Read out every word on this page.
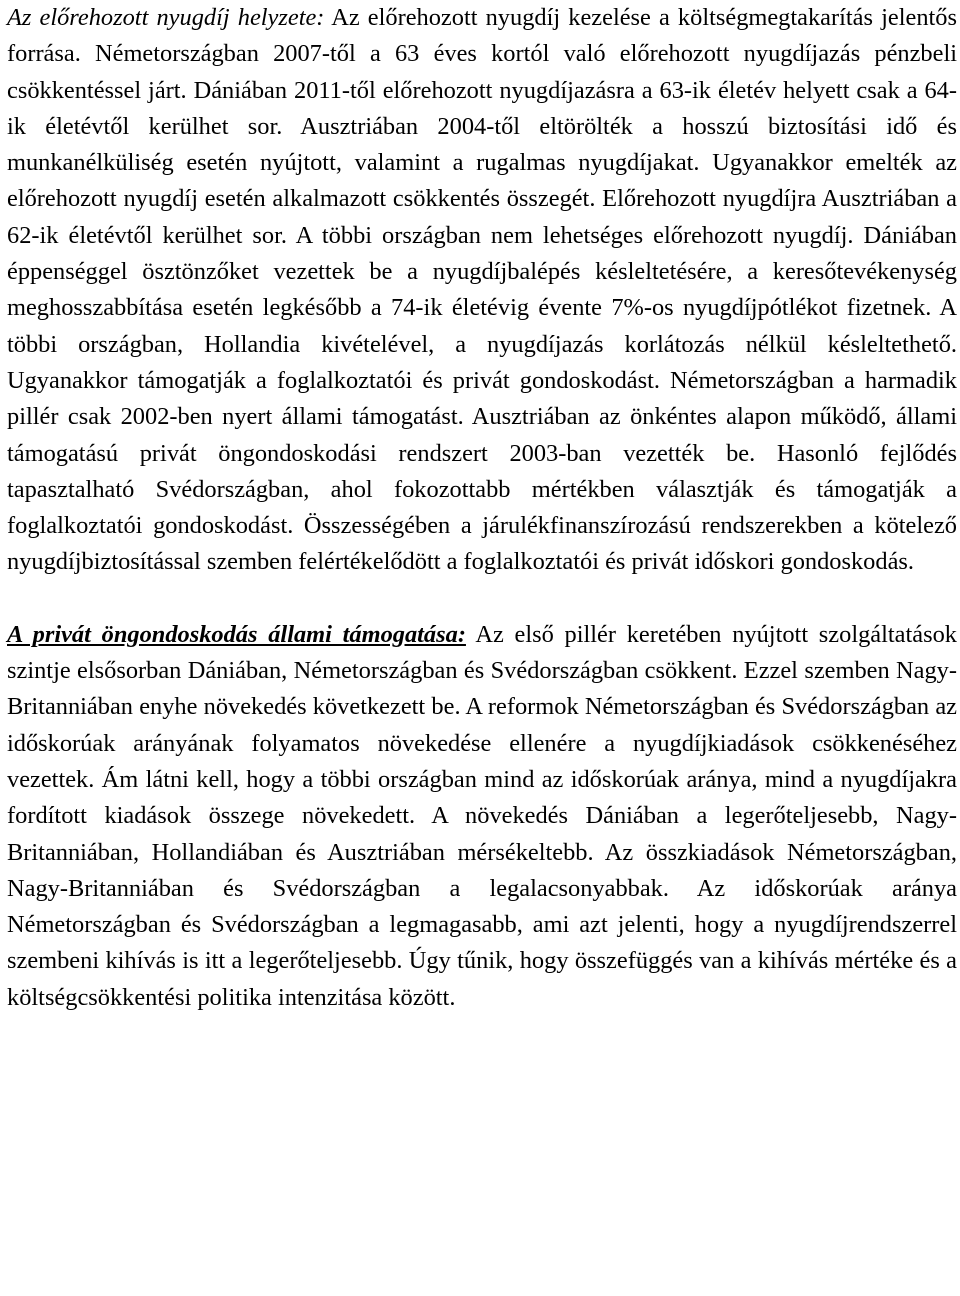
Az előrehozott nyugdíj helyzete: Az előrehozott nyugdíj kezelése a költségmegtakarítás jelentős forrása. Németországban 2007-től a 63 éves kortól való előrehozott nyugdíjazás pénzbeli csökkentéssel járt. Dániában 2011-től előrehozott nyugdíjazásra a 63-ik életév helyett csak a 64-ik életévtől kerülhet sor. Ausztriában 2004-től eltörölték a hosszú biztosítási idő és munkanélküliség esetén nyújtott, valamint a rugalmas nyugdíjakat. Ugyanakkor emelték az előrehozott nyugdíj esetén alkalmazott csökkentés összegét. Előrehozott nyugdíjra Ausztriában a 62-ik életévtől kerülhet sor. A többi országban nem lehetséges előrehozott nyugdíj. Dániában éppenséggel ösztönzőket vezettek be a nyugdíjbalépés késleltetésére, a keresőtevékenység meghosszabbítása esetén legkésőbb a 74-ik életévig évente 7%-os nyugdíjpótlékot fizetnek. A többi országban, Hollandia kivételével, a nyugdíjazás korlátozás nélkül késleltethető. Ugyanakkor támogatják a foglalkoztatói és privát gondoskodást. Németországban a harmadik pillér csak 2002-ben nyert állami támogatást. Ausztriában az önkéntes alapon működő, állami támogatású privát öngondoskodási rendszert 2003-ban vezették be. Hasonló fejlődés tapasztalható Svédországban, ahol fokozottabb mértékben választják és támogatják a foglalkoztatói gondoskodást. Összességében a járulékfinanszírozású rendszerekben a kötelező nyugdíjbiztosítással szemben felértékelődött a foglalkoztatói és privát időskori gondoskodás.

A privát öngondoskodás állami támogatása: Az első pillér keretében nyújtott szolgáltatások szintje elsősorban Dániában, Németországban és Svédországban csökkent. Ezzel szemben Nagy-Britanniában enyhe növekedés következett be. A reformok Németországban és Svédországban az időskorúak arányának folyamatos növekedése ellenére a nyugdíjkiadások csökkenéséhez vezettek. Ám látni kell, hogy a többi országban mind az időskorúak aránya, mind a nyugdíjakra fordított kiadások összege növekedett. A növekedés Dániában a legerőteljesebb, Nagy-Britanniában, Hollandiában és Ausztriában mérsékeltebb. Az összkiadások Németországban, Nagy-Britanniában és Svédországban a legalacsonyabbak. Az időskorúak aránya Németországban és Svédországban a legmagasabb, ami azt jelenti, hogy a nyugdíjrendszerrel szembeni kihívás is itt a legerőteljesebb. Úgy tűnik, hogy összefüggés van a kihívás mértéke és a költségcsökkentési politika intenzitása között.
